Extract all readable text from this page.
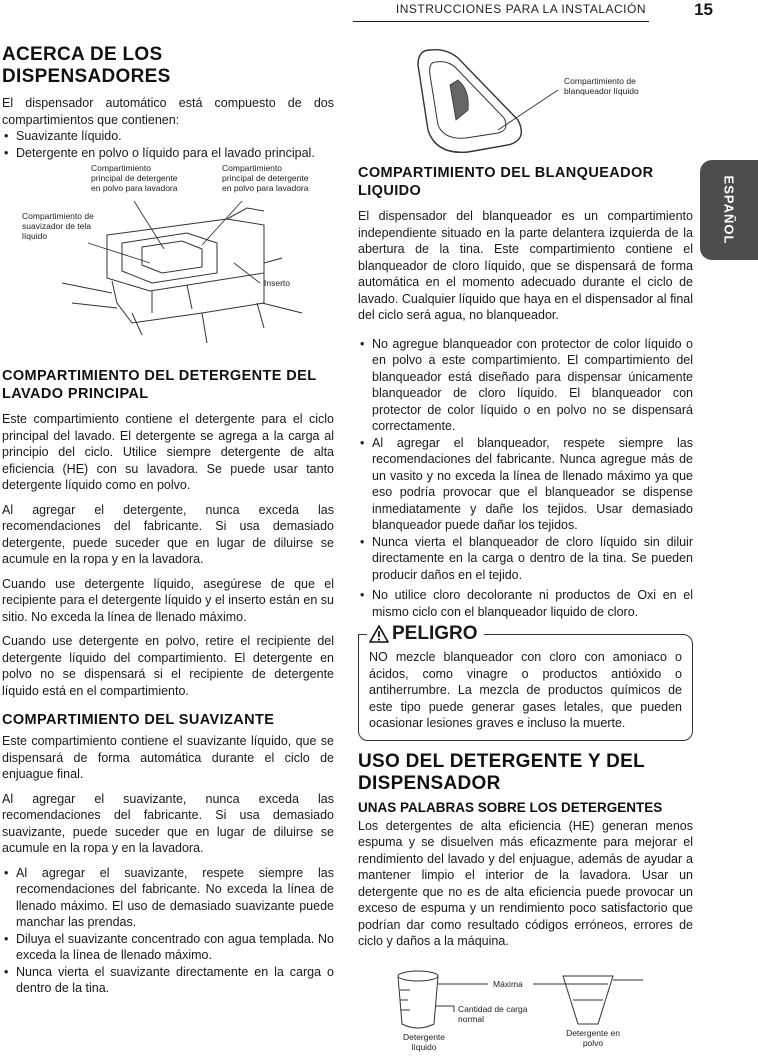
INSTRUCCIONES PARA LA INSTALACIÓN	15
ESPAÑOL
ACERCA DE LOS DISPENSADORES
El dispensador automático está compuesto de dos compartimientos que contienen:
• Suavizante líquido.
• Detergente en polvo o líquido para el lavado principal.
Compartimiento principal de detergente en polvo para lavadora
Compartimiento principal de detergente en polvo para lavadora
Compartimiento de suavizador de tela líquido
Inserto
COMPARTIMIENTO DEL DETERGENTE DEL LAVADO PRINCIPAL
Este compartimiento contiene el detergente para el ciclo principal del lavado. El detergente se agrega a la carga al principio del ciclo. Utilice siempre detergente de alta eficiencia (HE) con su lavadora. Se puede usar tanto detergente líquido como en polvo.
Al agregar el detergente, nunca exceda las recomendaciones del fabricante. Si usa demasiado detergente, puede suceder que en lugar de diluirse se acumule en la ropa y en la lavadora.
Cuando use detergente líquido, asegúrese de que el recipiente para el detergente líquido y el inserto están en su sitio. No exceda la línea de llenado máximo.
Cuando use detergente en polvo, retire el recipiente del detergente líquido del compartimiento. El detergente en polvo no se dispensará si el recipiente de detergente líquido está en el compartimiento.
COMPARTIMIENTO DEL SUAVIZANTE
Este compartimiento contiene el suavizante líquido, que se dispensará de forma automática durante el ciclo de enjuague final.
Al agregar el suavizante, nunca exceda las recomendaciones del fabricante. Si usa demasiado suavizante, puede suceder que en lugar de diluirse se acumule en la ropa y en la lavadora.
• Al agregar el suavizante, respete siempre las recomendaciones del fabricante. No exceda la línea de llenado máximo. El uso de demasiado suavizante puede manchar las prendas.
• Diluya el suavizante concentrado con agua templada. No exceda la línea de llenado máximo.
• Nunca vierta el suavizante directamente en la carga o dentro de la tina.
Compartimiento de blanqueador líquido
COMPARTIMIENTO DEL BLANQUEADOR LIQUIDO
El dispensador del blanqueador es un compartimiento independiente situado en la parte delantera izquierda de la abertura de la tina. Este compartimiento contiene el blanqueador de cloro líquido, que se dispensará de forma automática en el momento adecuado durante el ciclo de lavado. Cualquier líquido que haya en el dispensador al final del ciclo será agua, no blanqueador.
• No agregue blanqueador con protector de color líquido o en polvo a este compartimiento. El compartimiento del blanqueador está diseñado para dispensar únicamente blanqueador de cloro líquido. El blanqueador con protector de color líquido o en polvo no se dispensará correctamente.
• Al agregar el blanqueador, respete siempre las recomendaciones del fabricante. Nunca agregue más de un vasito y no exceda la línea de llenado máximo ya que eso podría provocar que el blanqueador se dispense inmediatamente y dañe los tejidos. Usar demasiado blanqueador puede dañar los tejidos.
• Nunca vierta el blanqueador de cloro líquido sin diluir directamente en la carga o dentro de la tina. Se pueden producir daños en el tejido.
• No utilice cloro decolorante ni productos de Oxi en el mismo ciclo con el blanqueador liquido de cloro.
PELIGRO
NO mezcle blanqueador con cloro con amoniaco o ácidos, como vinagre o productos antióxido o antiherrumbre. La mezcla de productos químicos de este tipo puede generar gases letales, que pueden ocasionar lesiones graves e incluso la muerte.
USO DEL DETERGENTE Y DEL DISPENSADOR
UNAS PALABRAS SOBRE LOS DETERGENTES
Los detergentes de alta eficiencia (HE) generan menos espuma y se disuelven más eficazmente para mejorar el rendimiento del lavado y del enjuague, además de ayudar a mantener limpio el interior de la lavadora. Usar un detergente que no es de alta eficiencia puede provocar un exceso de espuma y un rendimiento poco satisfactorio que podrían dar como resultado códigos erróneos, errores de ciclo y daños a la máquina.
Máxima
Cantidad de carga normal
Detergente líquido
Detergente en polvo
